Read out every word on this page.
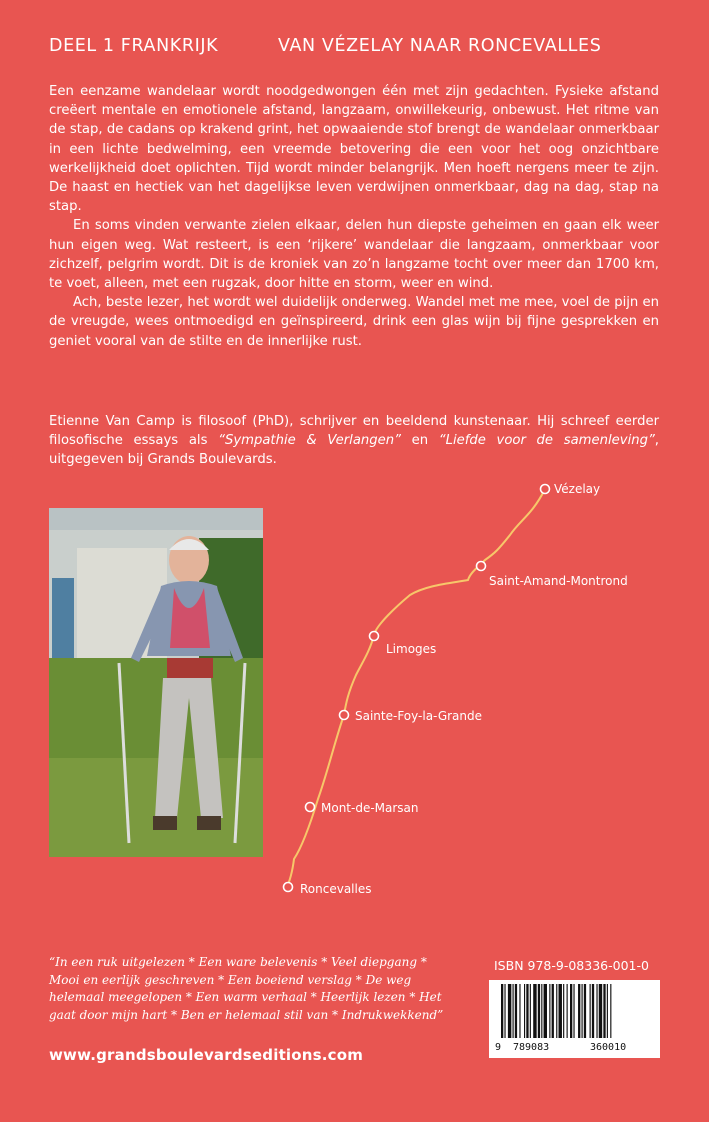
DEEL 1 FRANKRIJK	VAN VÉZELAY NAAR RONCEVALLES

Een eenzame wandelaar wordt noodgedwongen één met zijn gedachten. Fysieke afstand creëert mentale en emotionele afstand, langzaam, onwillekeurig, onbewust. Het ritme van de stap, de cadans op krakend grint, het opwaaiende stof brengt de wandelaar onmerkbaar in een lichte bedwelming, een vreemde betovering die een voor het oog onzichtbare werkelijkheid doet oplichten. Tijd wordt minder belangrijk. Men hoeft nergens meer te zijn. De haast en hectiek van het dagelijkse leven verdwijnen onmerkbaar, dag na dag, stap na stap.

En soms vinden verwante zielen elkaar, delen hun diepste geheimen en gaan elk weer hun eigen weg. Wat resteert, is een ‘rijkere’ wandelaar die langzaam, onmerkbaar voor zichzelf, pelgrim wordt. Dit is de kroniek van zo’n langzame tocht over meer dan 1700 km, te voet, alleen, met een rugzak, door hitte en storm, weer en wind.

Ach, beste lezer, het wordt wel duidelijk onderweg. Wandel met me mee, voel de pijn en de vreugde, wees ontmoedigd en geïnspireerd, drink een glas wijn bij fijne gesprekken en geniet vooral van de stilte en de innerlijke rust.

Etienne Van Camp is filosoof (PhD), schrijver en beeldend kunstenaar. Hij schreef eerder filosofische essays als “Sympathie & Verlangen” en “Liefde voor de samenleving”, uitgegeven bij Grands Boulevards.
Vézelay
Saint-Amand-Montrond
Limoges
Sainte-Foy-la-Grande
Mont-de-Marsan
Roncevalles
“In een ruk uitgelezen * Een ware belevenis * Veel diepgang * Mooi en eerlijk geschreven * Een boeiend verslag * De weg helemaal meegelopen * Een warm verhaal * Heerlijk lezen * Het gaat door mijn hart * Ben er helemaal stil van * Indrukwekkend”
ISBN 978-9-08336-001-0
9 789083	360010
www.grandsboulevardseditions.com
